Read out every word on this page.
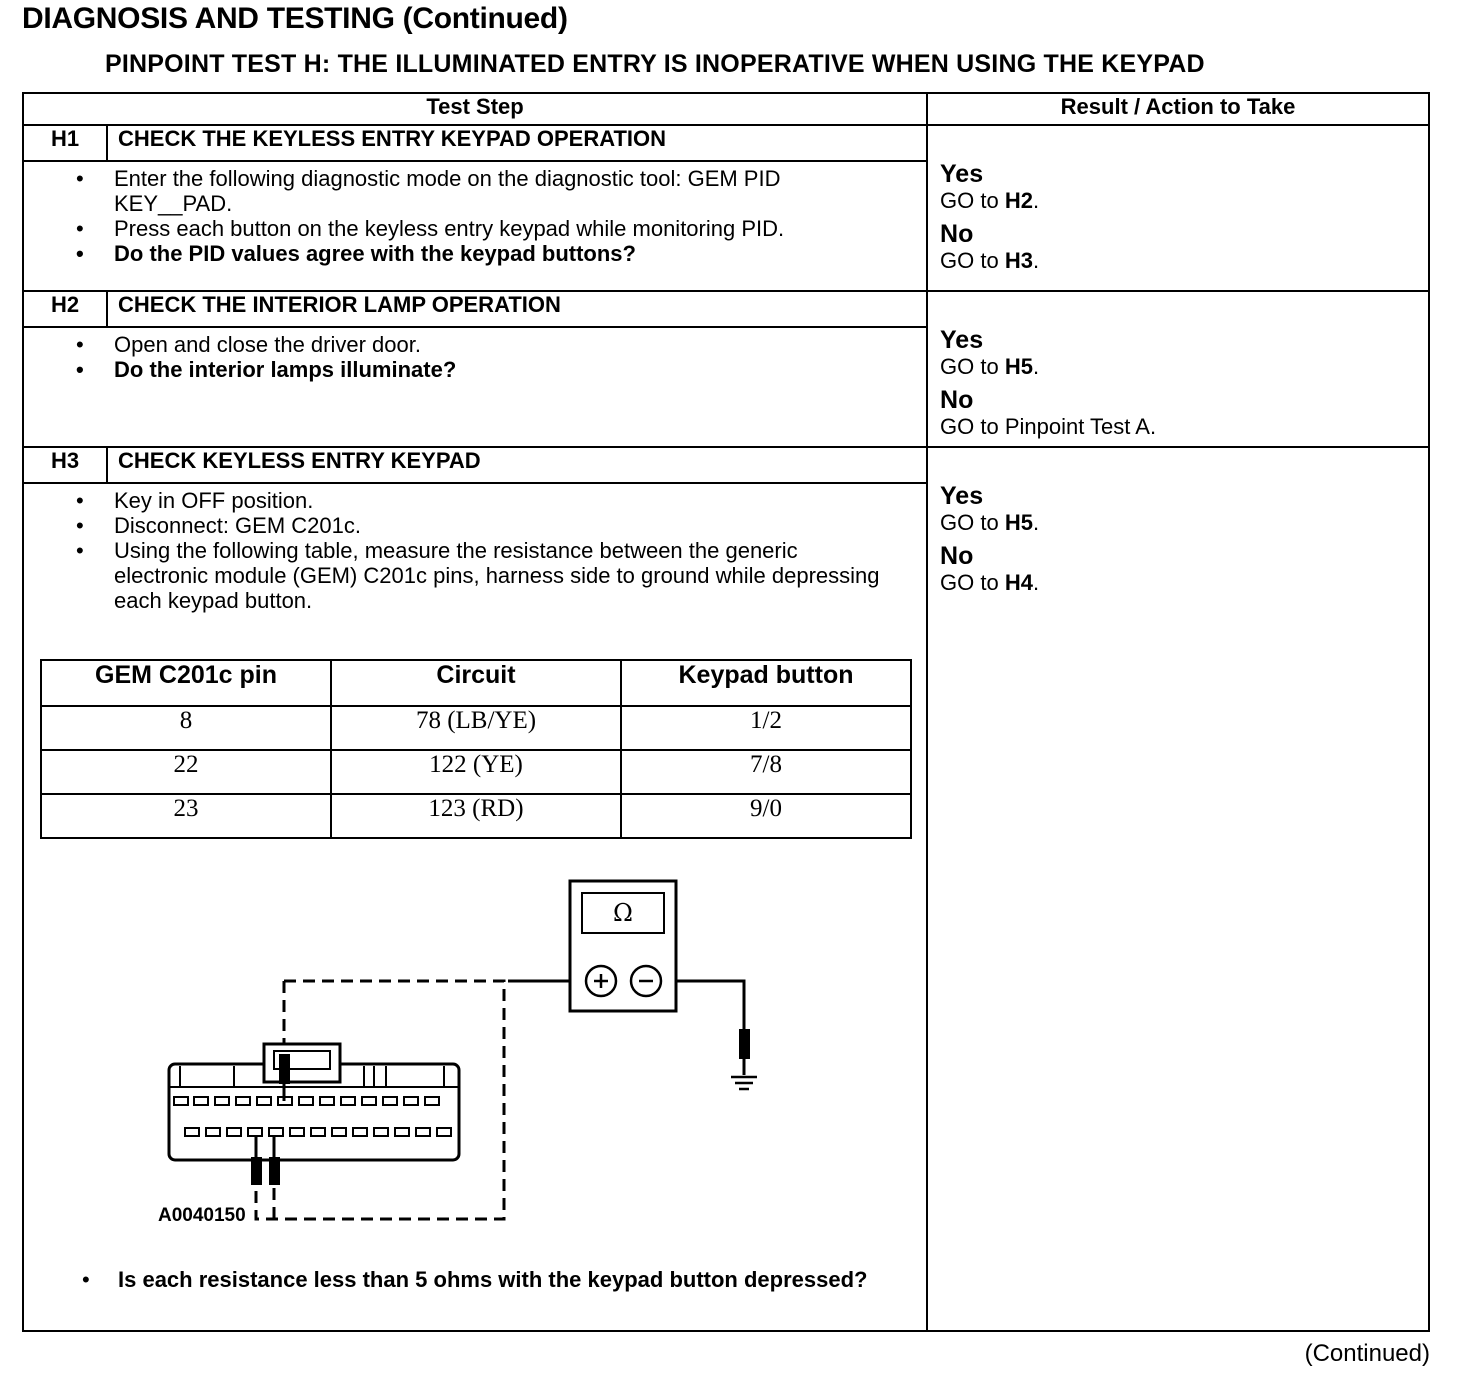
DIAGNOSIS AND TESTING (Continued)
PINPOINT TEST H: THE ILLUMINATED ENTRY IS INOPERATIVE WHEN USING THE KEYPAD
Test Step	Result / Action to Take
H1	CHECK THE KEYLESS ENTRY KEYPAD OPERATION	
Yes
GO to H2.
No
GO to H3.

• Enter the following diagnostic mode on the diagnostic tool: GEM PID KEY__PAD.
• Press each button on the keyless entry keypad while monitoring PID.
• Do the PID values agree with the keypad buttons?

H2	CHECK THE INTERIOR LAMP OPERATION	
Yes
GO to H5.
No
GO to Pinpoint Test A.

• Open and close the driver door.
• Do the interior lamps illuminate?

H3	CHECK KEYLESS ENTRY KEYPAD	
Yes
GO to H5.
No
GO to H4.

• Key in OFF position.
• Disconnect: GEM C201c.
• Using the following table, measure the resistance between the generic electronic module (GEM) C201c pins, harness side to ground while depressing each keypad button.
GEM C201c pin	Circuit	Keypad button
8	78 (LB/YE)	1/2
22	122 (YE)	7/8
23	123 (RD)	9/0
Ω
A0040150
• Is each resistance less than 5 ohms with the keypad button depressed?
(Continued)
